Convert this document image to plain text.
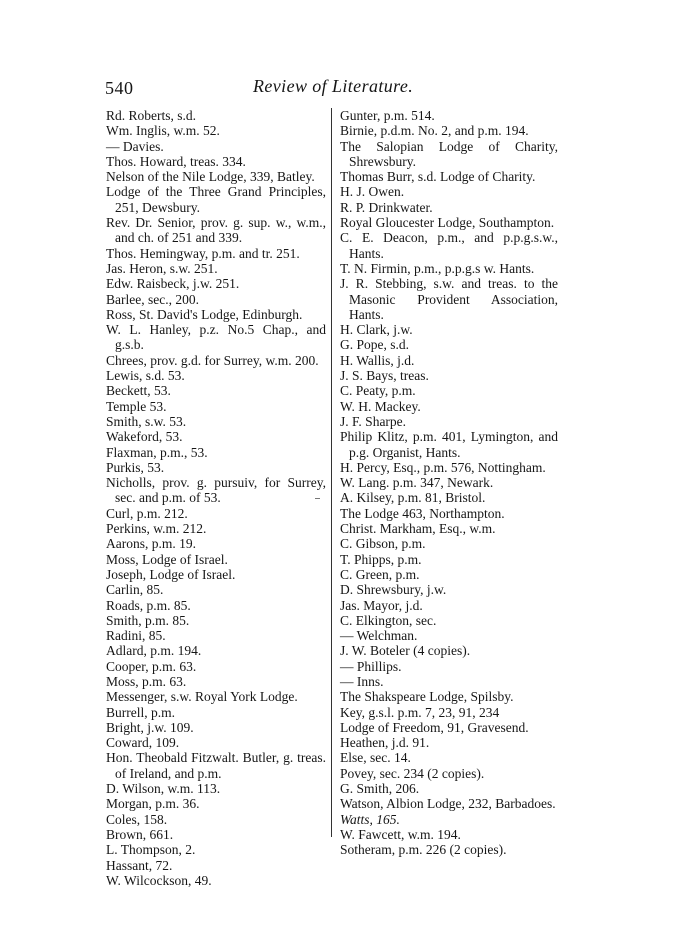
540	Review of Literature.
Rd. Roberts, s.d.
Wm. Inglis, w.m. 52.
— Davies.
Thos. Howard, treas. 334.
Nelson of the Nile Lodge, 339, Batley.
Lodge of the Three Grand Principles, 251, Dewsbury.
Rev. Dr. Senior, prov. g. sup. w., w.m., and ch. of 251 and 339.
Thos. Hemingway, p.m. and tr. 251.
Jas. Heron, s.w. 251.
Edw. Raisbeck, j.w. 251.
Barlee, sec., 200.
Ross, St. David's Lodge, Edinburgh.
W. L. Hanley, p.z. No.5 Chap., and g.s.b.
Chrees, prov. g.d. for Surrey, w.m. 200.
Lewis, s.d. 53.
Beckett, 53.
Temple 53.
Smith, s.w. 53.
Wakeford, 53.
Flaxman, p.m., 53.
Purkis, 53.
Nicholls, prov. g. pursuiv, for Surrey, sec. and p.m. of 53.
Curl, p.m. 212.
Perkins, w.m. 212.
Aarons, p.m. 19.
Moss, Lodge of Israel.
Joseph, Lodge of Israel.
Carlin, 85.
Roads, p.m. 85.
Smith, p.m. 85.
Radini, 85.
Adlard, p.m. 194.
Cooper, p.m. 63.
Moss, p.m. 63.
Messenger, s.w. Royal York Lodge.
Burrell, p.m.
Bright, j.w. 109.
Coward, 109.
Hon. Theobald Fitzwalt. Butler, g. treas. of Ireland, and p.m.
D. Wilson, w.m. 113.
Morgan, p.m. 36.
Coles, 158.
Brown, 661.
L. Thompson, 2.
Hassant, 72.
W. Wilcockson, 49.
Gunter, p.m. 514.
Birnie, p.d.m. No. 2, and p.m. 194.
The Salopian Lodge of Charity, Shrewsbury.
Thomas Burr, s.d. Lodge of Charity.
H. J. Owen.
R. P. Drinkwater.
Royal Gloucester Lodge, Southampton.
C. E. Deacon, p.m., and p.p.g.s.w., Hants.
T. N. Firmin, p.m., p.p.g.s w. Hants.
J. R. Stebbing, s.w. and treas. to the Masonic Provident Association, Hants.
H. Clark, j.w.
G. Pope, s.d.
H. Wallis, j.d.
J. S. Bays, treas.
C. Peaty, p.m.
W. H. Mackey.
J. F. Sharpe.
Philip Klitz, p.m. 401, Lymington, and p.g. Organist, Hants.
H. Percy, Esq., p.m. 576, Nottingham.
W. Lang. p.m. 347, Newark.
A. Kilsey, p.m. 81, Bristol.
The Lodge 463, Northampton.
Christ. Markham, Esq., w.m.
C. Gibson, p.m.
T. Phipps, p.m.
C. Green, p.m.
D. Shrewsbury, j.w.
Jas. Mayor, j.d.
C. Elkington, sec.
— Welchman.
J. W. Boteler (4 copies).
— Phillips.
— Inns.
The Shakspeare Lodge, Spilsby.
Key, g.s.l. p.m. 7, 23, 91, 234
Lodge of Freedom, 91, Gravesend.
Heathen, j.d. 91.
Else, sec. 14.
Povey, sec. 234 (2 copies).
G. Smith, 206.
Watson, Albion Lodge, 232, Barbadoes.
Watts, 165.
W. Fawcett, w.m. 194.
Sotheram, p.m. 226 (2 copies).
